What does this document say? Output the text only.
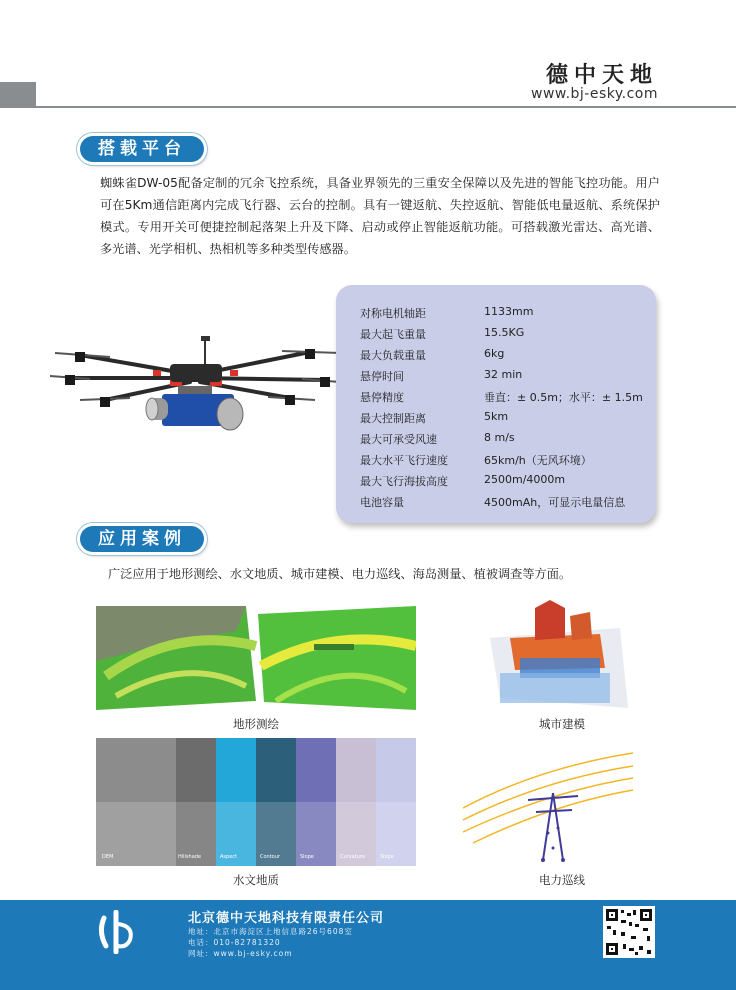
德中天地
www.bj-esky.com
搭载平台
蜘蛛雀DW-05配备定制的冗余飞控系统，具备业界领先的三重安全保障以及先进的智能飞控功能。用户可在5Km通信距离内完成飞行器、云台的控制。具有一键返航、失控返航、智能低电量返航、系统保护模式。专用开关可便捷控制起落架上升及下降、启动或停止智能返航功能。可搭载激光雷达、高光谱、多光谱、光学相机、热相机等多种类型传感器。
对称电机轴距	1133mm
最大起飞重量	15.5KG
最大负载重量	6kg
悬停时间	32 min
悬停精度	垂直：± 0.5m；水平：± 1.5m
最大控制距离	5km
最大可承受风速	8 m/s
最大水平飞行速度	65km/h（无风环境）
最大飞行海拔高度	2500m/4000m
电池容量	4500mAh，可显示电量信息
应用案例
广泛应用于地形测绘、水文地质、城市建模、电力巡线、海岛测量、植被调查等方面。
地形测绘	城市建模
DEM	Hillshade	Aspect	Contour	Slope	Curvature	Slope
水文地质	电力巡线
北京德中天地科技有限责任公司
地址：北京市海淀区上地信息路26号608室
电话：010-82781320
网址：www.bj-esky.com
